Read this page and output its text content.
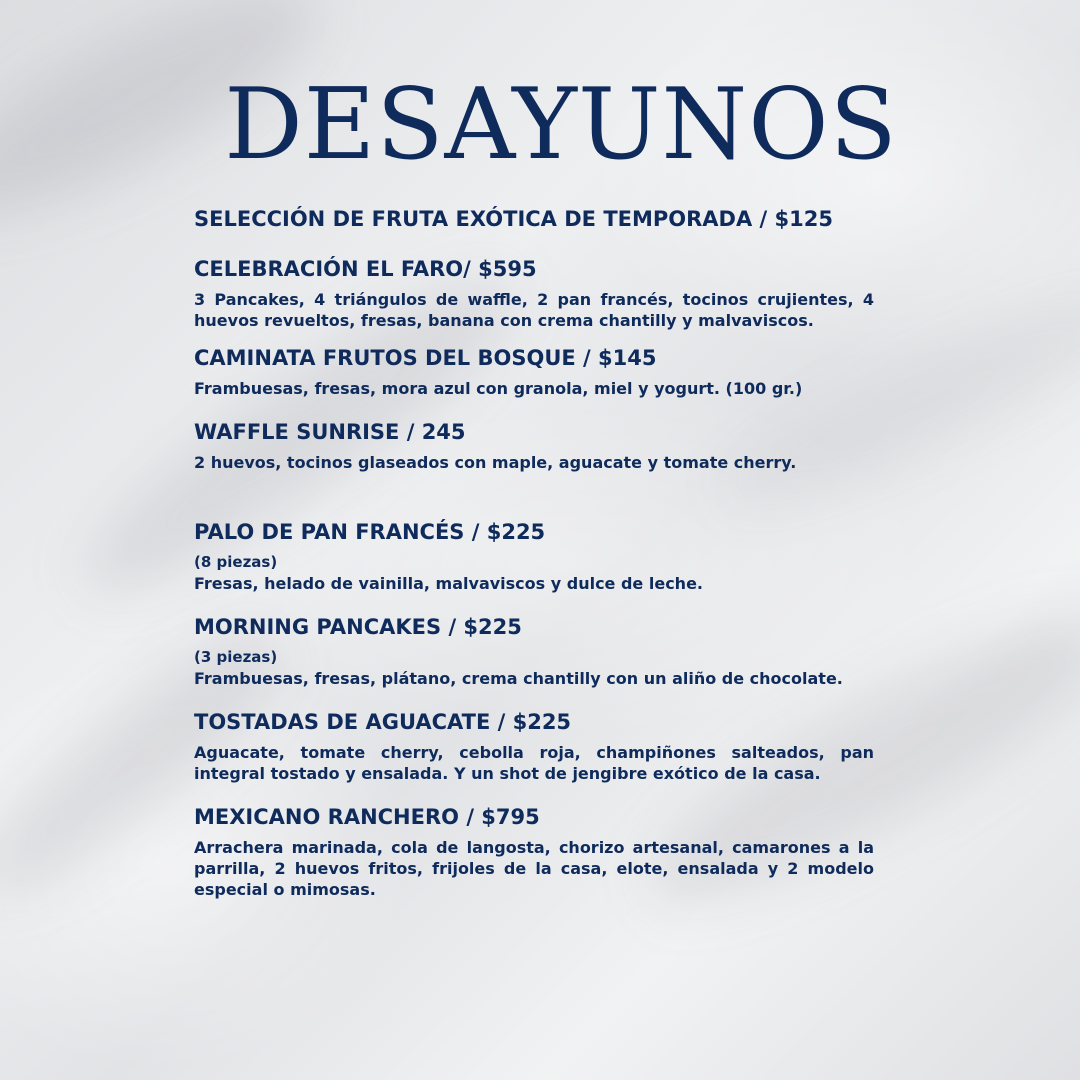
DESAYUNOS

SELECCIÓN DE FRUTA EXÓTICA DE TEMPORADA / $125

CELEBRACIÓN EL FARO/ $595

3 Pancakes, 4 triángulos de waffle, 2 pan francés, tocinos crujientes, 4 huevos revueltos, fresas, banana con crema chantilly y malvaviscos.

CAMINATA FRUTOS DEL BOSQUE / $145

Frambuesas, fresas, mora azul con granola, miel y yogurt. (100 gr.)

WAFFLE SUNRISE / 245

2 huevos, tocinos glaseados con maple, aguacate y tomate cherry.

PALO DE PAN FRANCÉS / $225

(8 piezas)

Fresas, helado de vainilla, malvaviscos y dulce de leche.

MORNING PANCAKES / $225

(3 piezas)

Frambuesas, fresas, plátano, crema chantilly con un aliño de chocolate.

TOSTADAS DE AGUACATE / $225

Aguacate, tomate cherry, cebolla roja, champiñones salteados, pan integral tostado y ensalada. Y un shot de jengibre exótico de la casa.

MEXICANO RANCHERO / $795

Arrachera marinada, cola de langosta, chorizo artesanal, camarones a la parrilla, 2 huevos fritos, frijoles de la casa, elote, ensalada y 2 modelo especial o mimosas.
